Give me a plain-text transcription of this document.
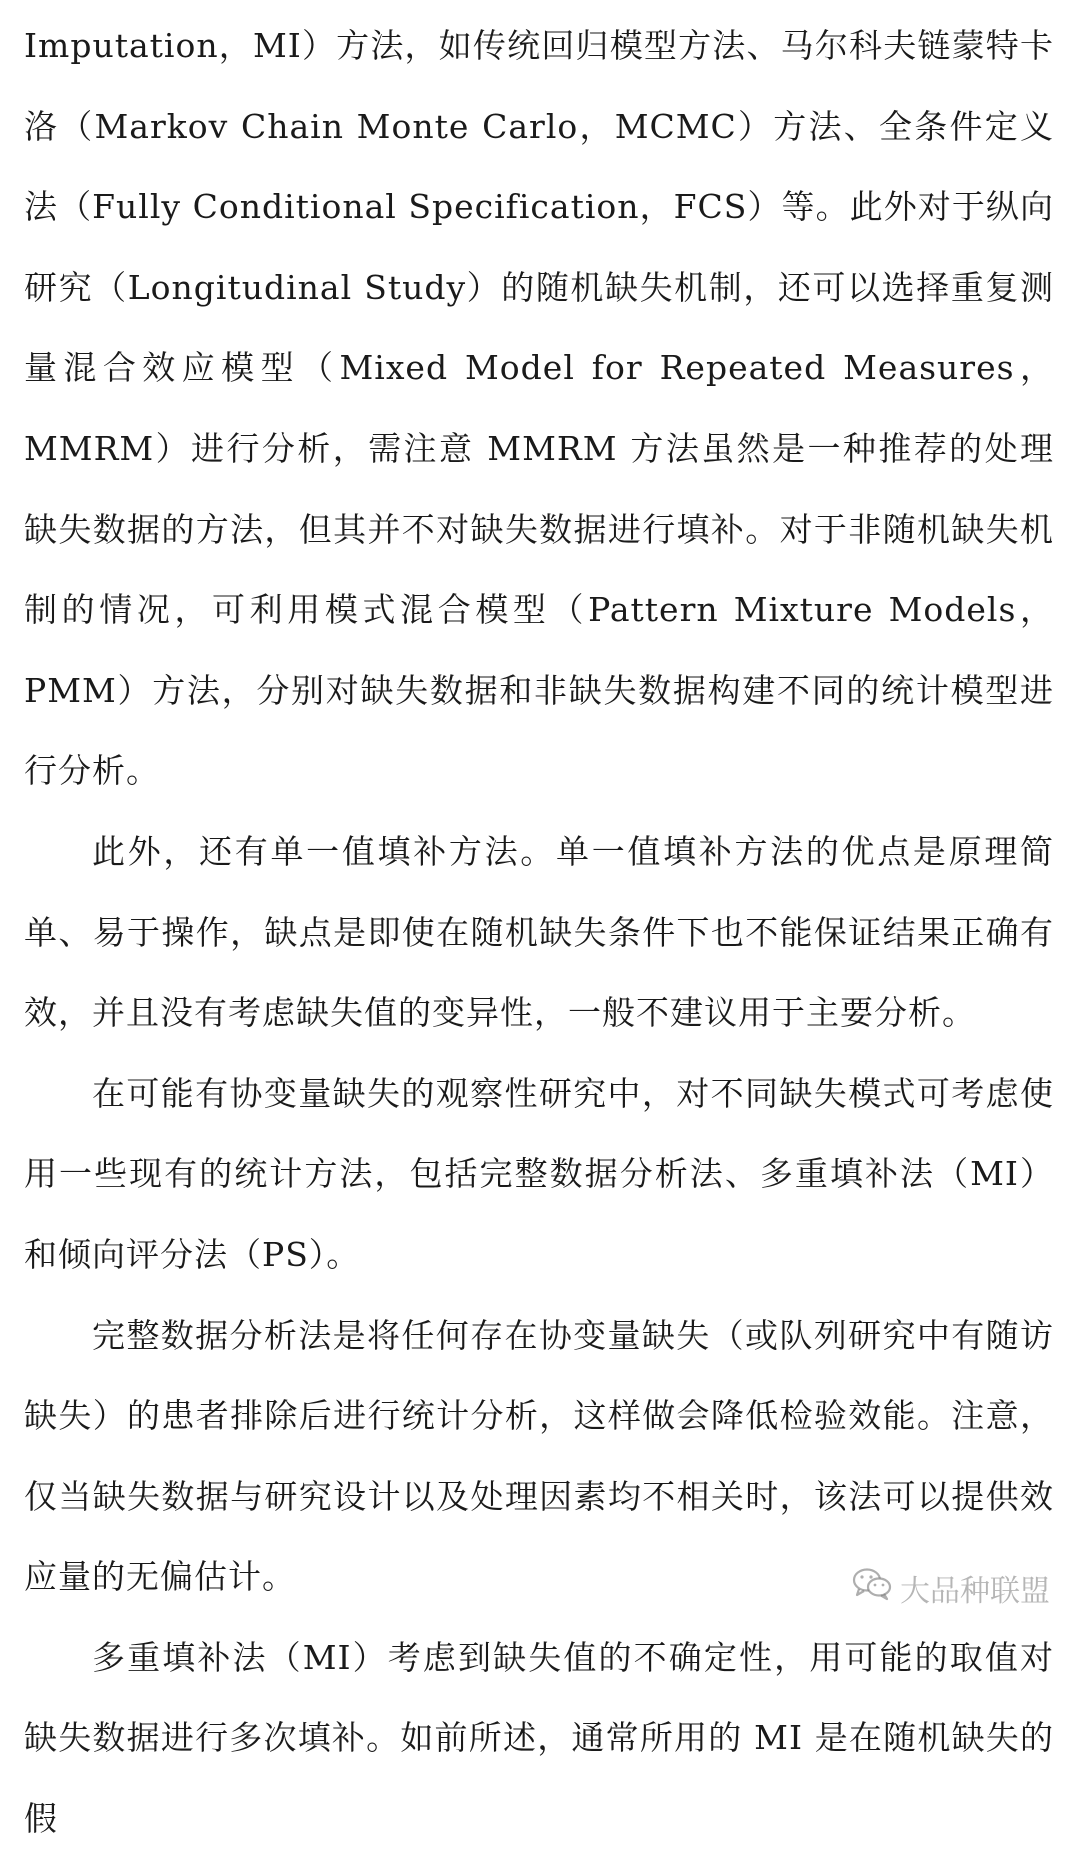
Imputation，MI）方法，如传统回归模型方法、马尔科夫链蒙特卡洛（Markov Chain Monte Carlo，MCMC）方法、全条件定义法（Fully Conditional Specification，FCS）等。此外对于纵向研究（Longitudinal Study）的随机缺失机制，还可以选择重复测量混合效应模型（Mixed Model for Repeated Measures，MMRM）进行分析，需注意 MMRM 方法虽然是一种推荐的处理缺失数据的方法，但其并不对缺失数据进行填补。对于非随机缺失机制的情况，可利用模式混合模型（Pattern Mixture Models，PMM）方法，分别对缺失数据和非缺失数据构建不同的统计模型进行分析。

此外，还有单一值填补方法。单一值填补方法的优点是原理简单、易于操作，缺点是即使在随机缺失条件下也不能保证结果正确有效，并且没有考虑缺失值的变异性，一般不建议用于主要分析。

在可能有协变量缺失的观察性研究中，对不同缺失模式可考虑使用一些现有的统计方法，包括完整数据分析法、多重填补法（MI）和倾向评分法（PS）。

完整数据分析法是将任何存在协变量缺失（或队列研究中有随访缺失）的患者排除后进行统计分析，这样做会降低检验效能。注意，仅当缺失数据与研究设计以及处理因素均不相关时，该法可以提供效应量的无偏估计。

多重填补法（MI）考虑到缺失值的不确定性，用可能的取值对缺失数据进行多次填补。如前所述，通常所用的 MI 是在随机缺失的假

大品种联盟
